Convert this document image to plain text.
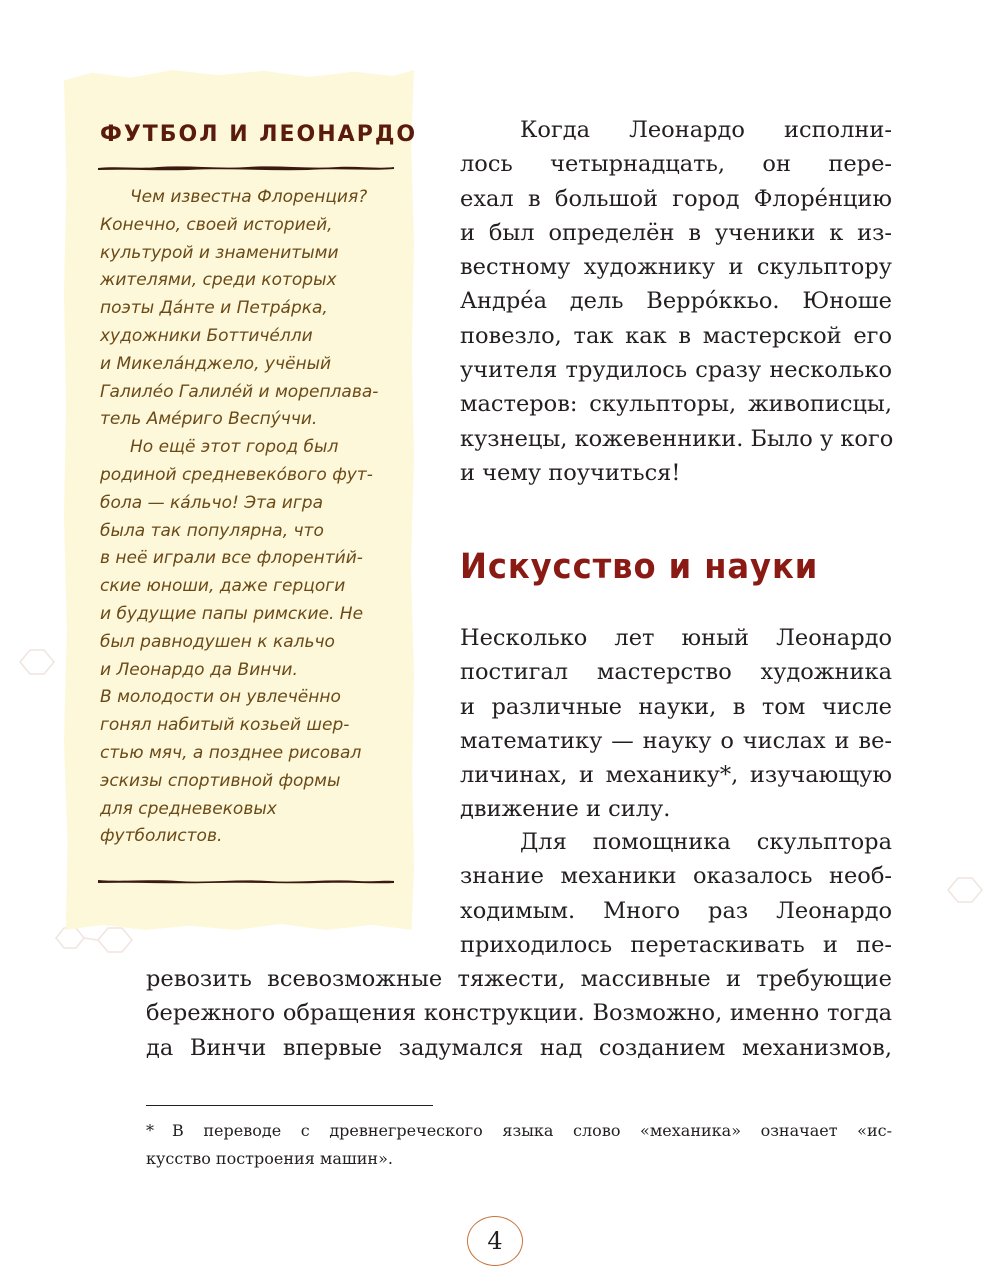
ФУТБОЛ И ЛЕОНАРДО
Чем известна Флоренция?
Конечно, своей историей,
культурой и знаменитыми
жителями, среди которых
поэты Да́нте и Петра́рка,
художники Боттиче́лли
и Микела́нджело, учёный
Галиле́о Галиле́й и мореплава-
тель Аме́риго Веспу́ччи.
Но ещё этот город был
родиной средневеко́вого фут-
бола — ка́льчо! Эта игра
была так популярна, что
в неё играли все флоренти́й-
ские юноши, даже герцоги
и будущие папы римские. Не
был равнодушен к кальчо
и Леонардо да Винчи.
В молодости он увлечённо
гонял набитый козьей шер-
стью мяч, а позднее рисовал
эскизы спортивной формы
для средневековых
футболистов.
Когда Леонардо исполни-
лось четырнадцать, он пере-
ехал в большой город Флоре́нцию
и был определён в ученики к из-
вестному художнику и скульптору
Андре́а дель Верро́ккьо. Юноше
повезло, так как в мастерской его
учителя трудилось сразу несколько
мастеров: скульпторы, живописцы,
кузнецы, кожевенники. Было у кого
и чему поучиться!
Искусство и науки
Несколько лет юный Леонардо
постигал мастерство художника
и различные науки, в том числе
математику — науку о числах и ве-
личинах, и механику*, изучающую
движение и силу.
Для помощника скульптора
знание механики оказалось необ-
ходимым. Много раз Леонардо
приходилось перетаскивать и пе-
ревозить всевозможные тяжести, массивные и требующие
бережного обращения конструкции. Возможно, именно тогда
да Винчи впервые задумался над созданием механизмов,
* В переводе с древнегреческого языка слово «механика» означает «ис-
кусство построения машин».
4
